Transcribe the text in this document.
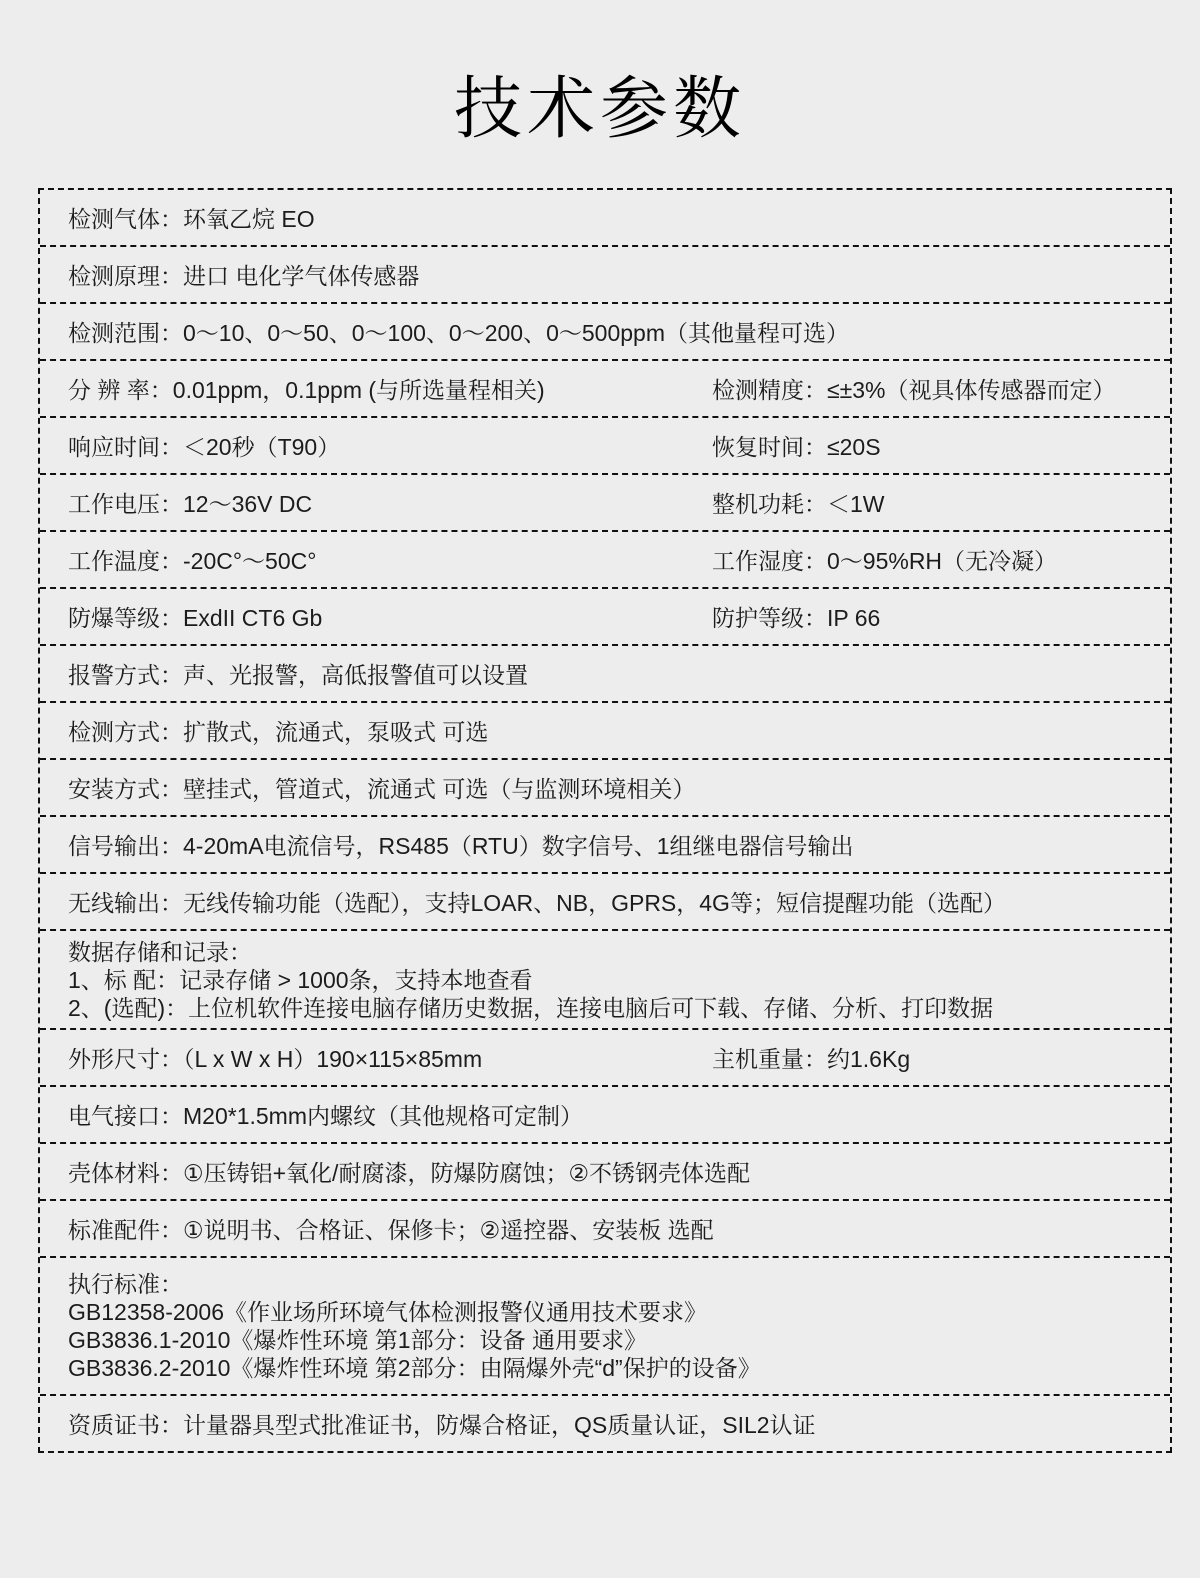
技术参数
检测气体：环氧乙烷 EO
检测原理：进口 电化学气体传感器
检测范围：0～10、0～50、0～100、0～200、0～500ppm（其他量程可选）
分 辨 率：0.01ppm，0.1ppm (与所选量程相关)	检测精度：≤±3%（视具体传感器而定）
响应时间：＜20秒（T90）	恢复时间：≤20S
工作电压：12～36V DC	整机功耗：＜1W
工作温度：-20C°～50C°	工作湿度：0～95%RH（无冷凝）
防爆等级：ExdII CT6 Gb	防护等级：IP 66
报警方式：声、光报警，高低报警值可以设置
检测方式：扩散式，流通式，泵吸式 可选
安装方式：壁挂式，管道式，流通式 可选（与监测环境相关）
信号输出：4-20mA电流信号，RS485（RTU）数字信号、1组继电器信号输出
无线输出：无线传输功能（选配），支持LOAR、NB，GPRS，4G等；短信提醒功能（选配）
数据存储和记录：
1、标 配：记录存储 > 1000条，支持本地查看
2、(选配)：上位机软件连接电脑存储历史数据，连接电脑后可下载、存储、分析、打印数据
外形尺寸：（L x W x H）190×115×85mm	主机重量：约1.6Kg
电气接口：M20*1.5mm内螺纹（其他规格可定制）
壳体材料：①压铸铝+氧化/耐腐漆，防爆防腐蚀；②不锈钢壳体选配
标准配件：①说明书、合格证、保修卡；②遥控器、安装板 选配
执行标准：
GB12358-2006《作业场所环境气体检测报警仪通用技术要求》
GB3836.1-2010《爆炸性环境 第1部分：设备 通用要求》
GB3836.2-2010《爆炸性环境 第2部分：由隔爆外壳“d”保护的设备》
资质证书：计量器具型式批准证书，防爆合格证，QS质量认证，SIL2认证
